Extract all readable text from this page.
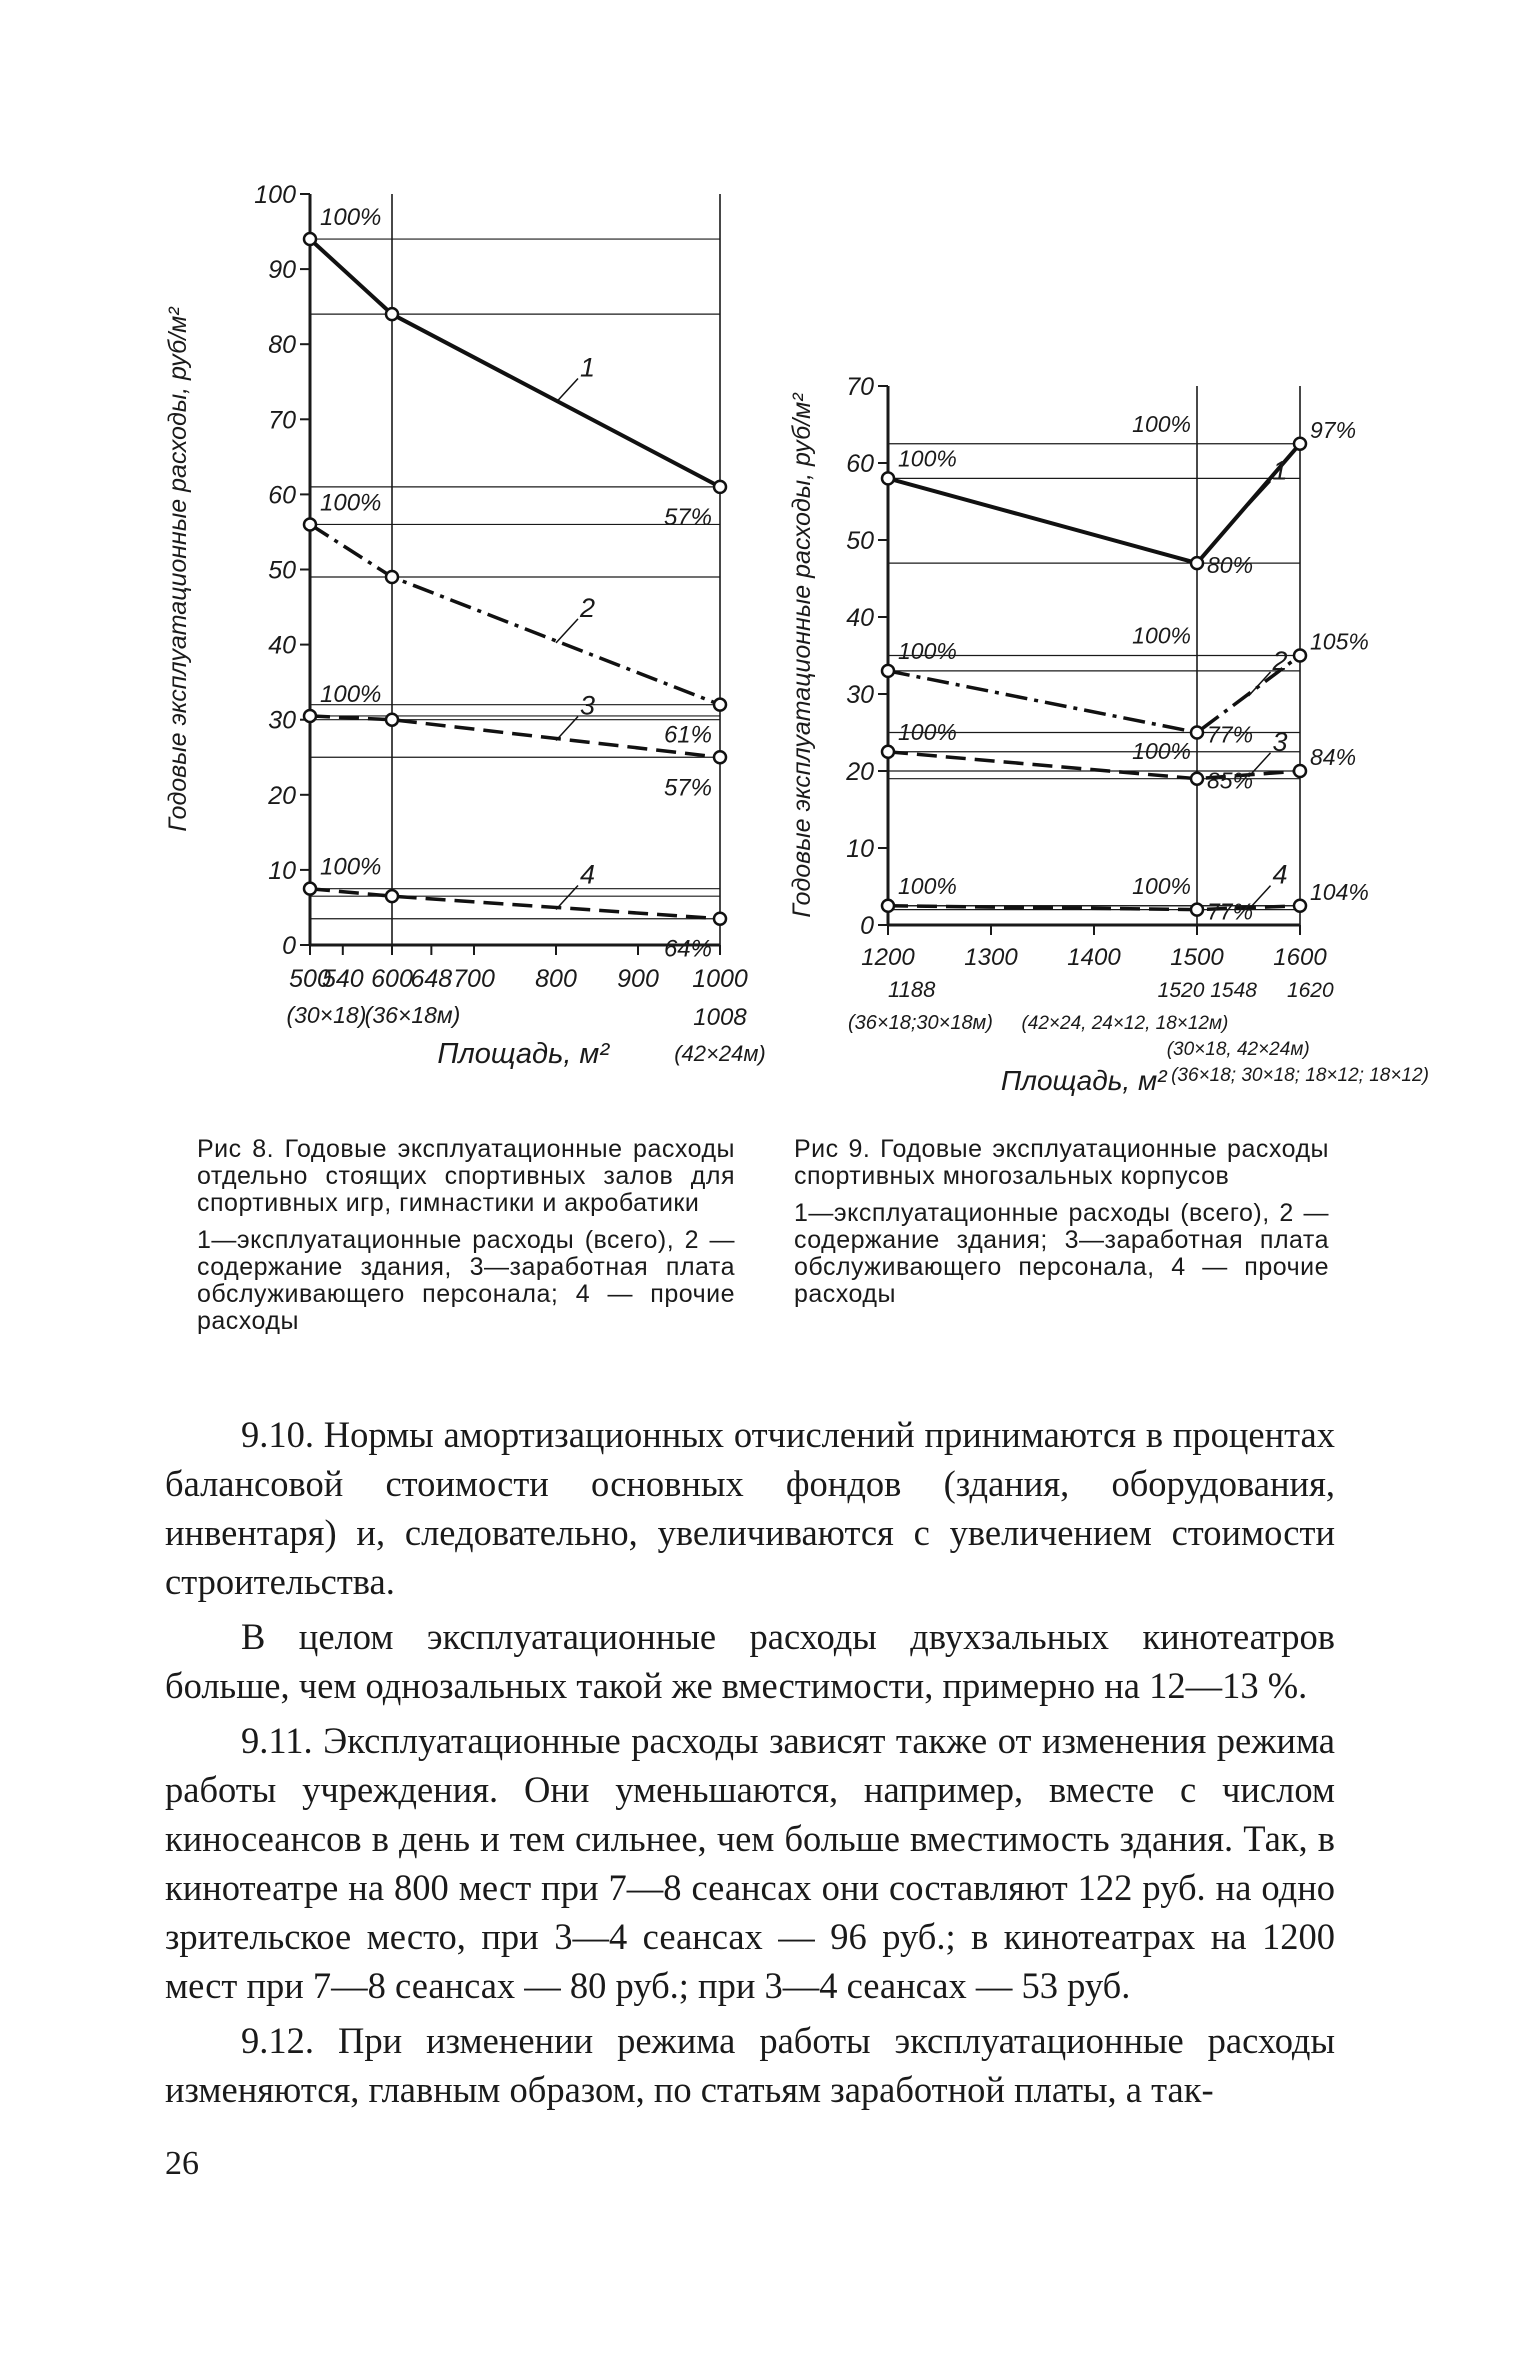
0
10
20
30
40
50
60
70
80
90
100
Годовые эксплуатационные расходы, руб/м²	1
100%
57%
2
100%
61%
3
100%
57%
4
100%
64%
500
540 600
648 700 800 900 1000
(30×18)
(36×18м)	1008
(42×24м)
Площадь, м²
0
10
20
30
40
50
60
70
Годовые эксплуатационные расходы, руб/м²	1
100%
80%
100%	97%
2
100%
77%
100%	105%
3
100%
85%
100%	84%
4
100%
77%
100%	104%
1200 1300 1400 1500 1600
1188
(36×18;30×18м)
1520 1548 1620
(42×24, 24×12, 18×12м)
(30×18, 42×24м)
(36×18; 30×18; 18×12; 18×12)
Площадь, м²

Рис 8. Годовые эксплуатационные расходы отдельно стоящих спортивных залов для спортивных игр, гимнастики и акробатики

1—эксплуатационные расходы (всего), 2 — содержание здания, 3—заработная плата обслуживающего персонала; 4 — прочие расходы

Рис 9. Годовые эксплуатационные расходы спортивных многозальных корпусов

1—эксплуатационные расходы (всего), 2 — содержание здания; 3—заработная плата обслуживающего персонала, 4 — прочие расходы

9.10. Нормы амортизационных отчислений принимаются в процентах балансовой стоимости основных фондов (здания, оборудования, инвентаря) и, следовательно, увеличиваются с увеличением стоимости строительства.

В целом эксплуатационные расходы двухзальных кинотеатров больше, чем однозальных такой же вместимости, примерно на 12—13 %.

9.11. Эксплуатационные расходы зависят также от изменения режима работы учреждения. Они уменьшаются, например, вместе с числом киносеансов в день и тем сильнее, чем больше вместимость здания. Так, в кинотеатре на 800 мест при 7—8 сеансах они составляют 122 руб. на одно зрительское место, при 3—4 сеансах — 96 руб.; в кинотеатрах на 1200 мест при 7—8 сеансах — 80 руб.; при 3—4 сеансах — 53 руб.

9.12. При изменении режима работы эксплуатационные расходы изменяются, главным образом, по статьям заработной платы, а так-

26
